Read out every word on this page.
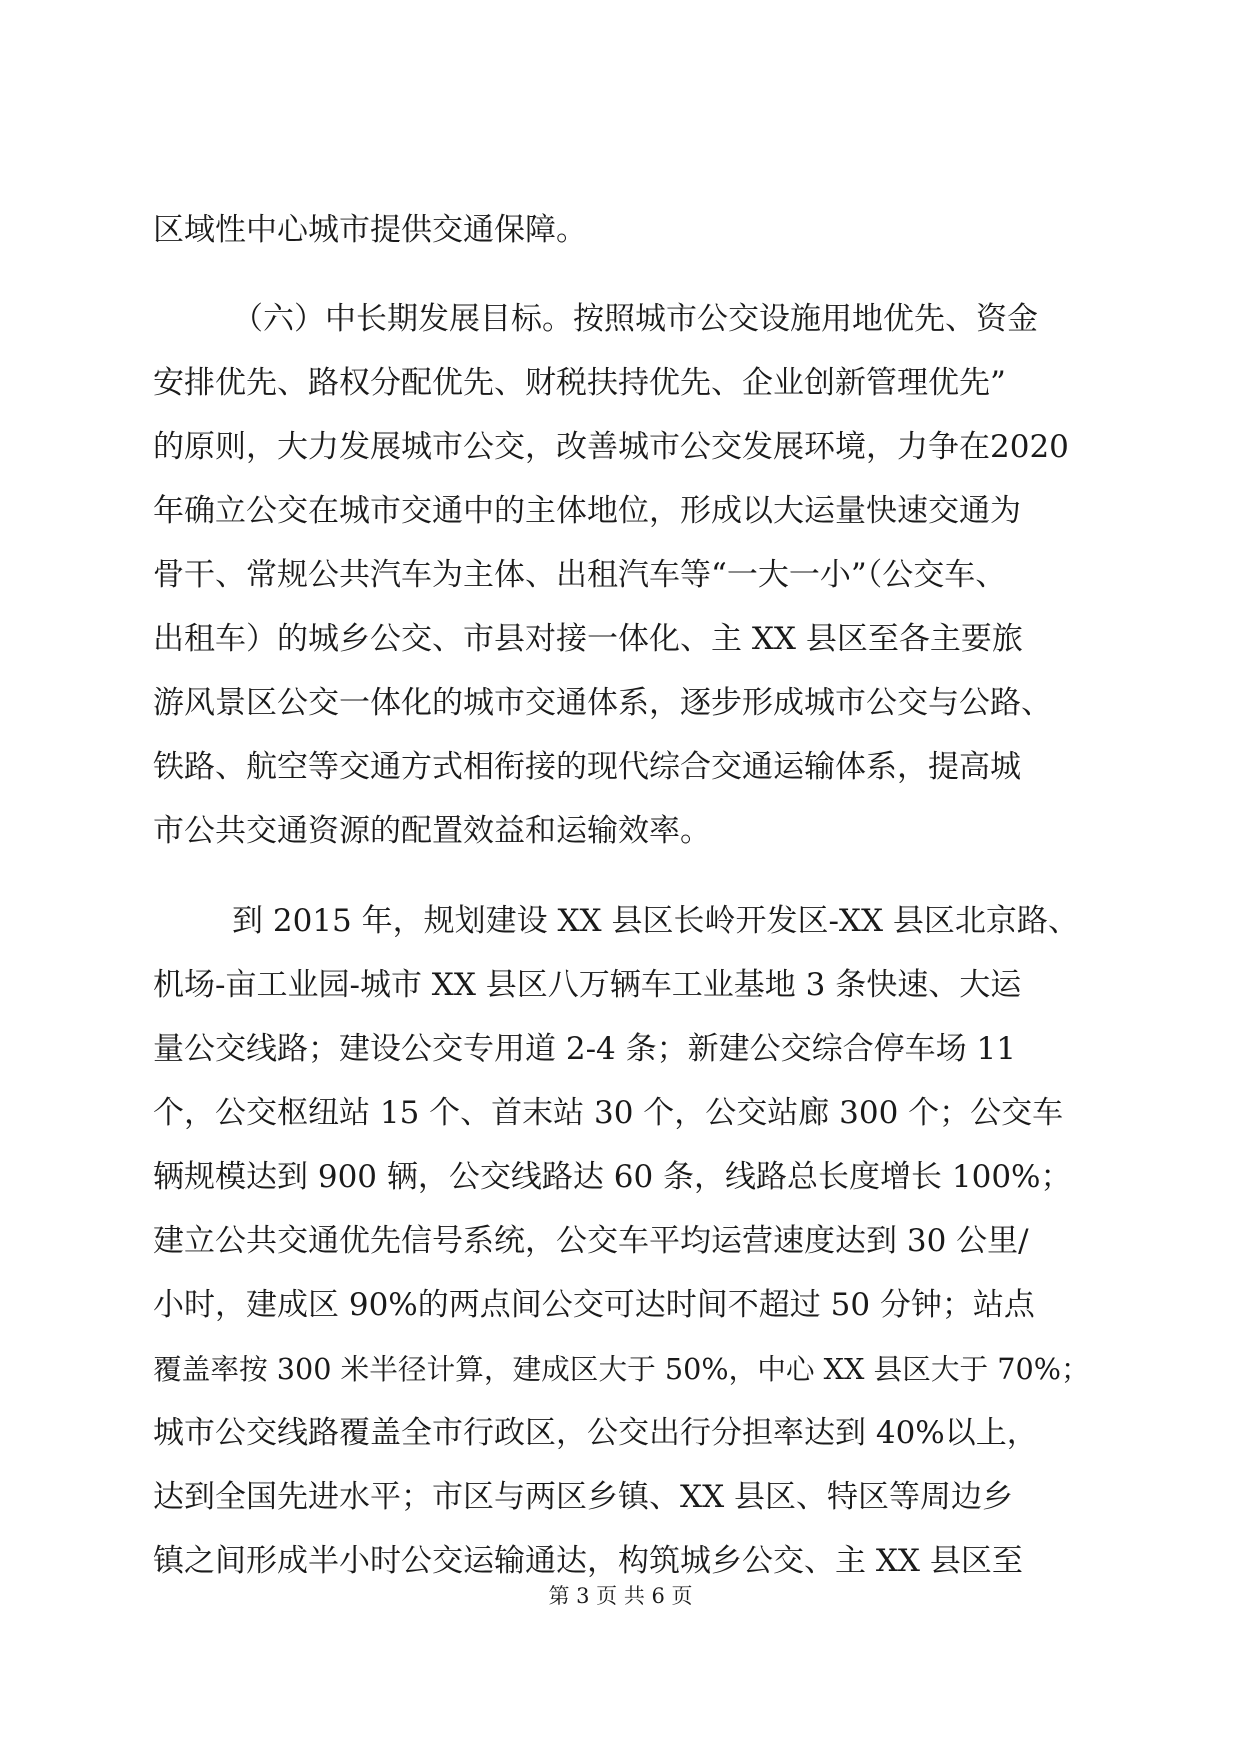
区域性中心城市提供交通保障。
（六）中长期发展目标。按照城市公交设施用地优先、资金
安排优先、路权分配优先、财税扶持优先、企业创新管理优先”
的原则，大力发展城市公交，改善城市公交发展环境，力争在2020
年确立公交在城市交通中的主体地位，形成以大运量快速交通为
骨干、常规公共汽车为主体、出租汽车等“一大一小”（公交车、
出租车）的城乡公交、市县对接一体化、主 XX 县区至各主要旅
游风景区公交一体化的城市交通体系，逐步形成城市公交与公路、
铁路、航空等交通方式相衔接的现代综合交通运输体系，提高城
市公共交通资源的配置效益和运输效率。
到 2015 年，规划建设 XX 县区长岭开发区-XX 县区北京路、
机场-亩工业园-城市 XX 县区八万辆车工业基地 3 条快速、大运
量公交线路；建设公交专用道 2-4 条；新建公交综合停车场 11
个，公交枢纽站 15 个、首末站 30 个，公交站廊 300 个；公交车
辆规模达到 900 辆，公交线路达 60 条，线路总长度增长 100%；
建立公共交通优先信号系统，公交车平均运营速度达到 30 公里/
小时，建成区 90%的两点间公交可达时间不超过 50 分钟；站点
覆盖率按 300 米半径计算，建成区大于 50%，中心 XX 县区大于 70%；
城市公交线路覆盖全市行政区，公交出行分担率达到 40%以上，
达到全国先进水平；市区与两区乡镇、XX 县区、特区等周边乡
镇之间形成半小时公交运输通达，构筑城乡公交、主 XX 县区至
第 3 页 共 6 页
